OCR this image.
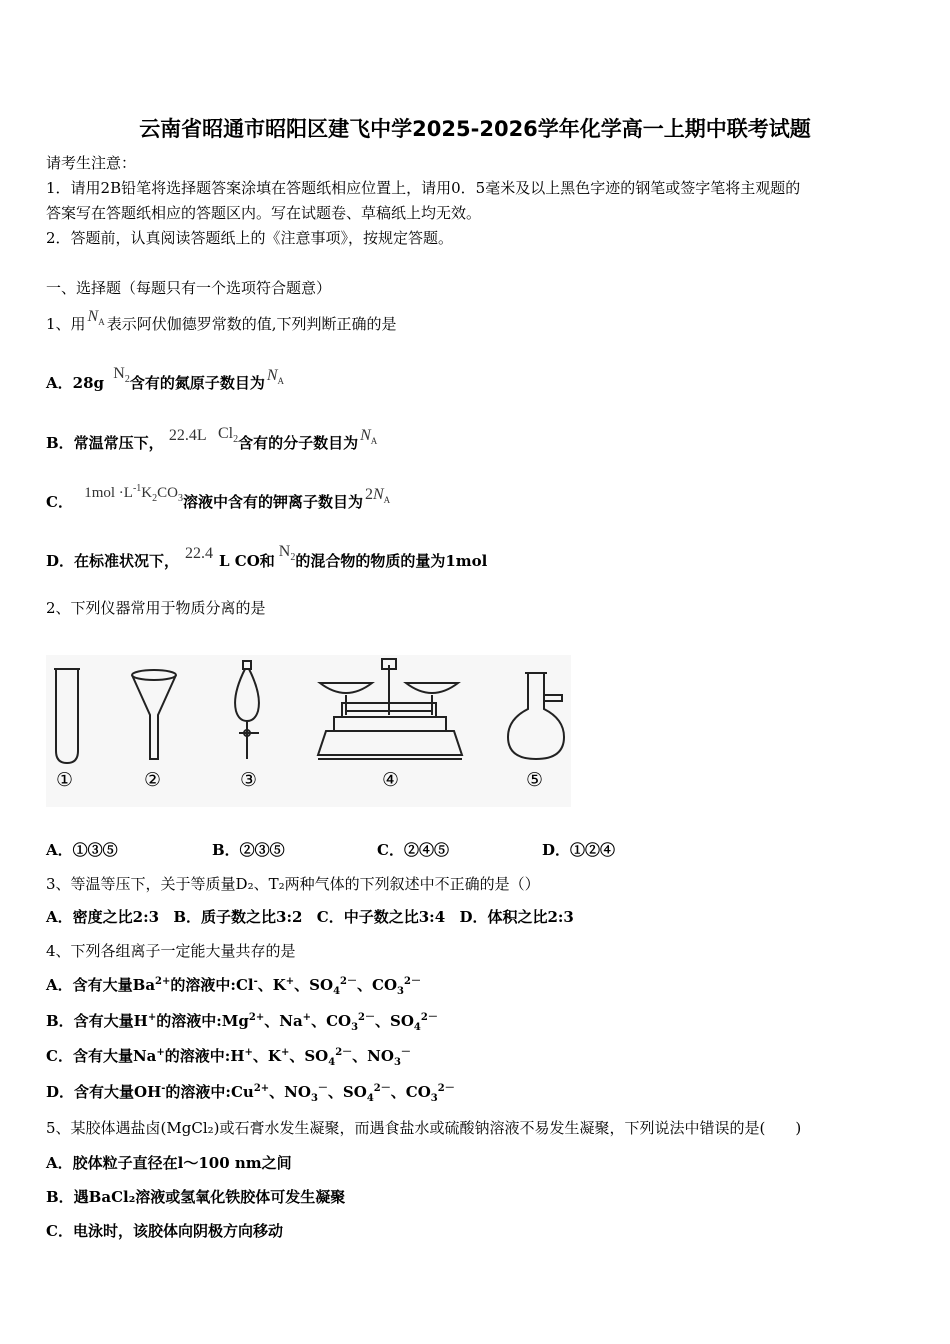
云南省昭通市昭阳区建飞中学2025-2026学年化学高一上期中联考试题
请考生注意：
1．请用2B铅笔将选择题答案涂填在答题纸相应位置上，请用0．5毫米及以上黑色字迹的钢笔或签字笔将主观题的
答案写在答题纸相应的答题区内。写在试题卷、草稿纸上均无效。
2．答题前，认真阅读答题纸上的《注意事项》，按规定答题。
一、选择题（每题只有一个选项符合题意）
1、用 $N_A$ 表示阿伏伽德罗常数的值,下列判断正确的是
A．28g $N_2$含有的氮原子数目为 $N_A$
B．常温常压下， 22.4L $Cl_2$含有的分子数目为 $N_A$
C． $1mol \cdot L^{-1}K_2CO_3$溶液中含有的钾离子数目为 $2N_A$
D．在标准状况下， 22.4 L CO和$N_2$的混合物的物质的量为1mol
2、下列仪器常用于物质分离的是
①	②	③	④	⑤
A．①③⑤	B．②③⑤	C．②④⑤	D．①②④
3、等温等压下，关于等质量D₂、T₂两种气体的下列叙述中不正确的是（）
A．密度之比2:3 B．质子数之比3:2 C．中子数之比3:4 D．体积之比2:3
4、下列各组离子一定能大量共存的是
A．含有大量$Ba^{2+}$的溶液中:Cl-、K+、$SO_4^{2-}$、$CO_3^{2-}$
B．含有大量H+的溶液中$:Mg^{2+}$、Na+、$CO_3^{2-}$、$SO_4^{2-}$
C．含有大量Na+的溶液中:H+、K+、$SO_4^{2-}$、$NO_3^-$
D．含有大量OH-的溶液中$:Cu^{2+}$、$NO_3^-$、$SO_4^{2-}$、$CO_3^{2-}$
5、某胶体遇盐卤(MgCl₂)或石膏水发生凝聚，而遇食盐水或硫酸钠溶液不易发生凝聚，下列说法中错误的是(　　)
A．胶体粒子直径在l～100 nm之间
B．遇BaCl₂溶液或氢氧化铁胶体可发生凝聚
C．电泳时，该胶体向阴极方向移动
